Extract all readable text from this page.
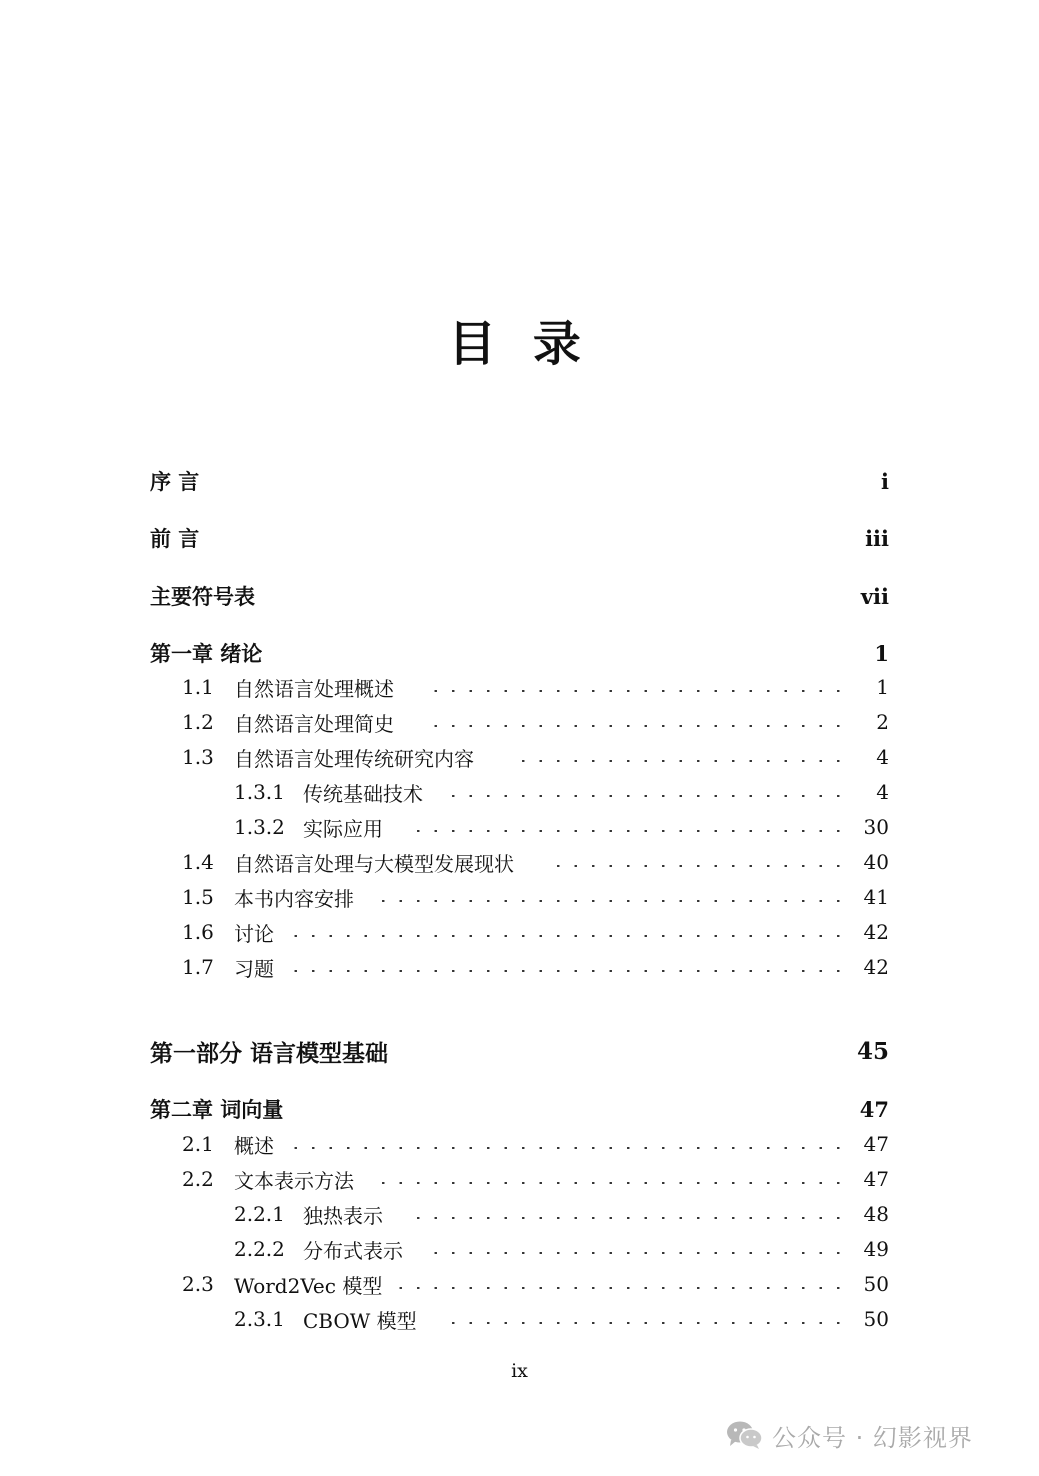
目 录
序 言	i
前 言	iii
主要符号表	vii
第一章 绪论	1
1.1 自然语言处理概述	1
1.2 自然语言处理简史	2
1.3 自然语言处理传统研究内容	4
1.3.1 传统基础技术	4
1.3.2 实际应用	30
1.4 自然语言处理与大模型发展现状	40
1.5 本书内容安排	41
1.6 讨论	42
1.7 习题	42
第一部分 语言模型基础	45
第二章 词向量	47
2.1 概述	47
2.2 文本表示方法	47
2.2.1 独热表示	48
2.2.2 分布式表示	49
2.3 Word2Vec 模型	50
2.3.1 CBOW 模型	50
ix
公众号 · 幻影视界
